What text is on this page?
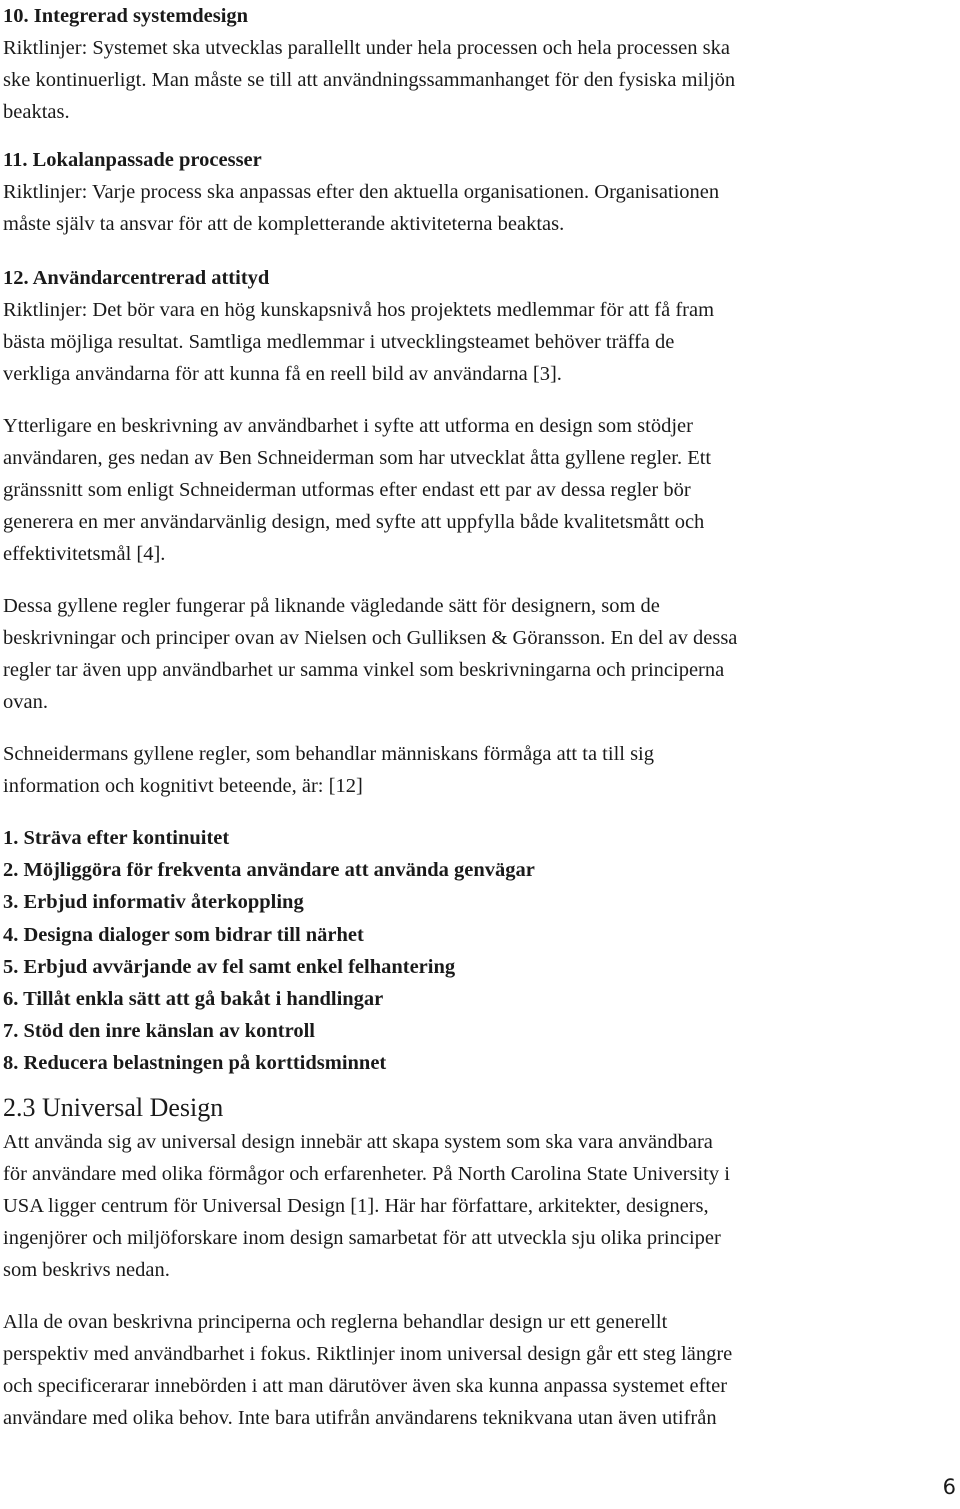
10. Integrerad systemdesign
Riktlinjer: Systemet ska utvecklas parallellt under hela processen och hela processen ska
ske kontinuerligt. Man måste se till att användningssammanhanget för den fysiska miljön
beaktas.
11. Lokalanpassade processer
Riktlinjer: Varje process ska anpassas efter den aktuella organisationen. Organisationen
måste själv ta ansvar för att de kompletterande aktiviteterna beaktas.
12. Användarcentrerad attityd
Riktlinjer: Det bör vara en hög kunskapsnivå hos projektets medlemmar för att få fram
bästa möjliga resultat. Samtliga medlemmar i utvecklingsteamet behöver träffa de
verkliga användarna för att kunna få en reell bild av användarna [3].
Ytterligare en beskrivning av användbarhet i syfte att utforma en design som stödjer
användaren, ges nedan av Ben Schneiderman som har utvecklat åtta gyllene regler. Ett
gränssnitt som enligt Schneiderman utformas efter endast ett par av dessa regler bör
generera en mer användarvänlig design, med syfte att uppfylla både kvalitetsmått och
effektivitetsmål [4].
Dessa gyllene regler fungerar på liknande vägledande sätt för designern, som de
beskrivningar och principer ovan av Nielsen och Gulliksen & Göransson. En del av dessa
regler tar även upp användbarhet ur samma vinkel som beskrivningarna och principerna
ovan.
Schneidermans gyllene regler, som behandlar människans förmåga att ta till sig
information och kognitivt beteende, är: [12]
1. Sträva efter kontinuitet
2. Möjliggöra för frekventa användare att använda genvägar
3. Erbjud informativ återkoppling
4. Designa dialoger som bidrar till närhet
5. Erbjud avvärjande av fel samt enkel felhantering
6. Tillåt enkla sätt att gå bakåt i handlingar
7. Stöd den inre känslan av kontroll
8. Reducera belastningen på korttidsminnet
2.3 Universal Design
Att använda sig av universal design innebär att skapa system som ska vara användbara
för användare med olika förmågor och erfarenheter. På North Carolina State University i
USA ligger centrum för Universal Design [1]. Här har författare, arkitekter, designers,
ingenjörer och miljöforskare inom design samarbetat för att utveckla sju olika principer
som beskrivs nedan.
Alla de ovan beskrivna principerna och reglerna behandlar design ur ett generellt
perspektiv med användbarhet i fokus. Riktlinjer inom universal design går ett steg längre
och specificerarar innebörden i att man därutöver även ska kunna anpassa systemet efter
användare med olika behov. Inte bara utifrån användarens teknikvana utan även utifrån
6
